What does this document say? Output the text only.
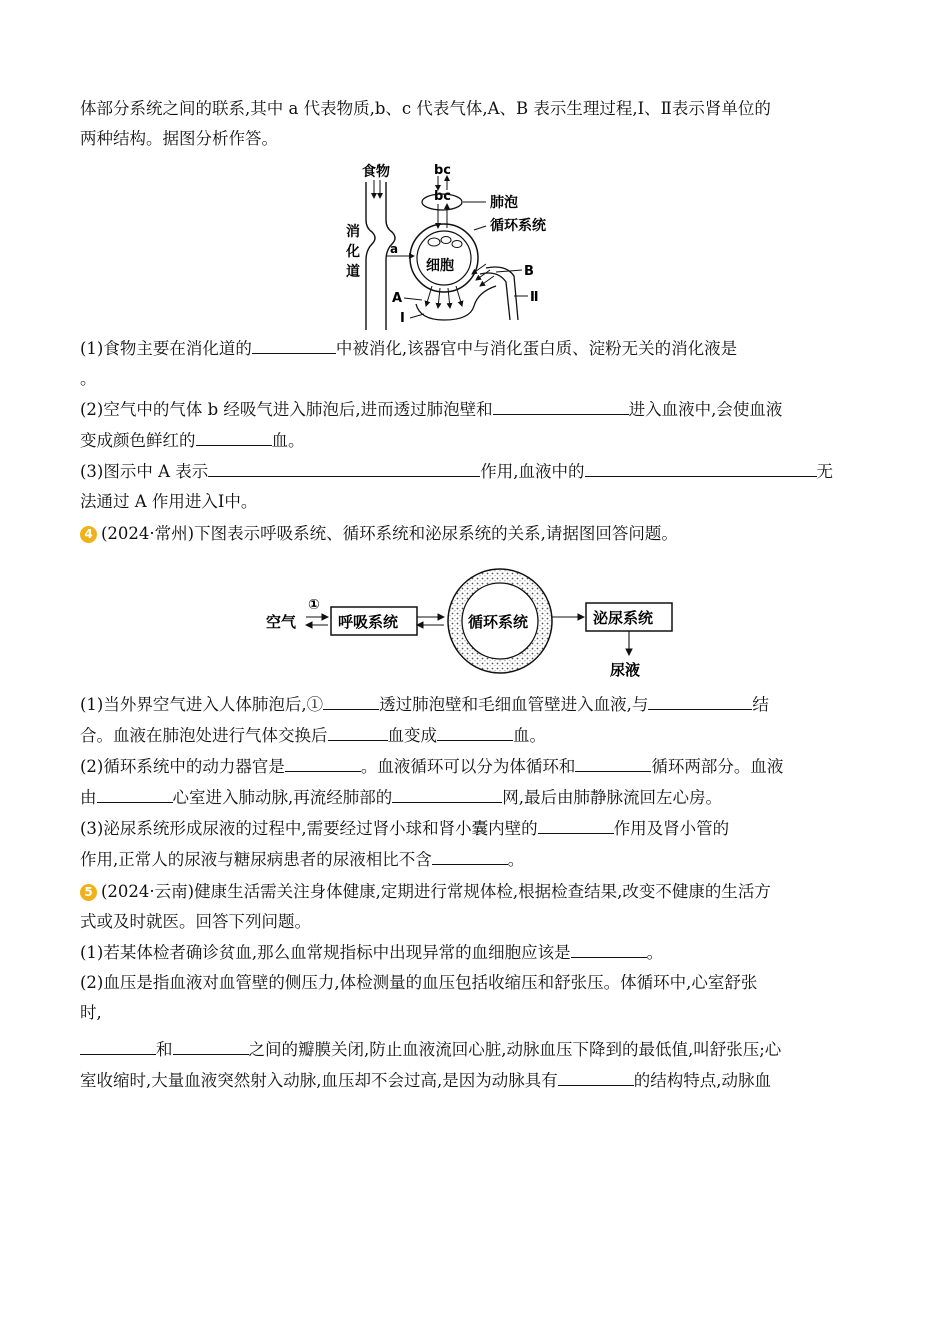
体部分系统之间的联系,其中 a 代表物质,b、c 代表气体,A、B 表示生理过程,Ⅰ、Ⅱ表示肾单位的

两种结构。据图分析作答。

食物
消
化
道
bc
bc	肺泡
循环系统
a
细胞	B
Ⅱ
A
Ⅰ

(1)食物主要在消化道的	中被消化,该器官中与消化蛋白质、淀粉无关的消化液是

。

(2)空气中的气体 b 经吸气进入肺泡后,进而透过肺泡壁和	进入血液中,会使血液

变成颜色鲜红的	血。

(3)图示中 A 表示	作用,血液中的	无

法通过 A 作用进入Ⅰ中。

4 (2024·常州)下图表示呼吸系统、循环系统和泌尿系统的关系,请据图回答问题。

空气
①
呼吸系统	循环系统	泌尿系统
尿液

(1)当外界空气进入人体肺泡后,①	透过肺泡壁和毛细血管壁进入血液,与	结

合。血液在肺泡处进行气体交换后	血变成	血。

(2)循环系统中的动力器官是	。血液循环可以分为体循环和	循环两部分。血液

由	心室进入肺动脉,再流经肺部的	网,最后由肺静脉流回左心房。

(3)泌尿系统形成尿液的过程中,需要经过肾小球和肾小囊内壁的	作用及肾小管的

作用,正常人的尿液与糖尿病患者的尿液相比不含	。

5 (2024·云南)健康生活需关注身体健康,定期进行常规体检,根据检查结果,改变不健康的生活方

式或及时就医。回答下列问题。

(1)若某体检者确诊贫血,那么血常规指标中出现异常的血细胞应该是	。

(2)血压是指血液对血管壁的侧压力,体检测量的血压包括收缩压和舒张压。体循环中,心室舒张

时,

和	之间的瓣膜关闭,防止血液流回心脏,动脉血压下降到的最低值,叫舒张压;心

室收缩时,大量血液突然射入动脉,血压却不会过高,是因为动脉具有	的结构特点,动脉血
